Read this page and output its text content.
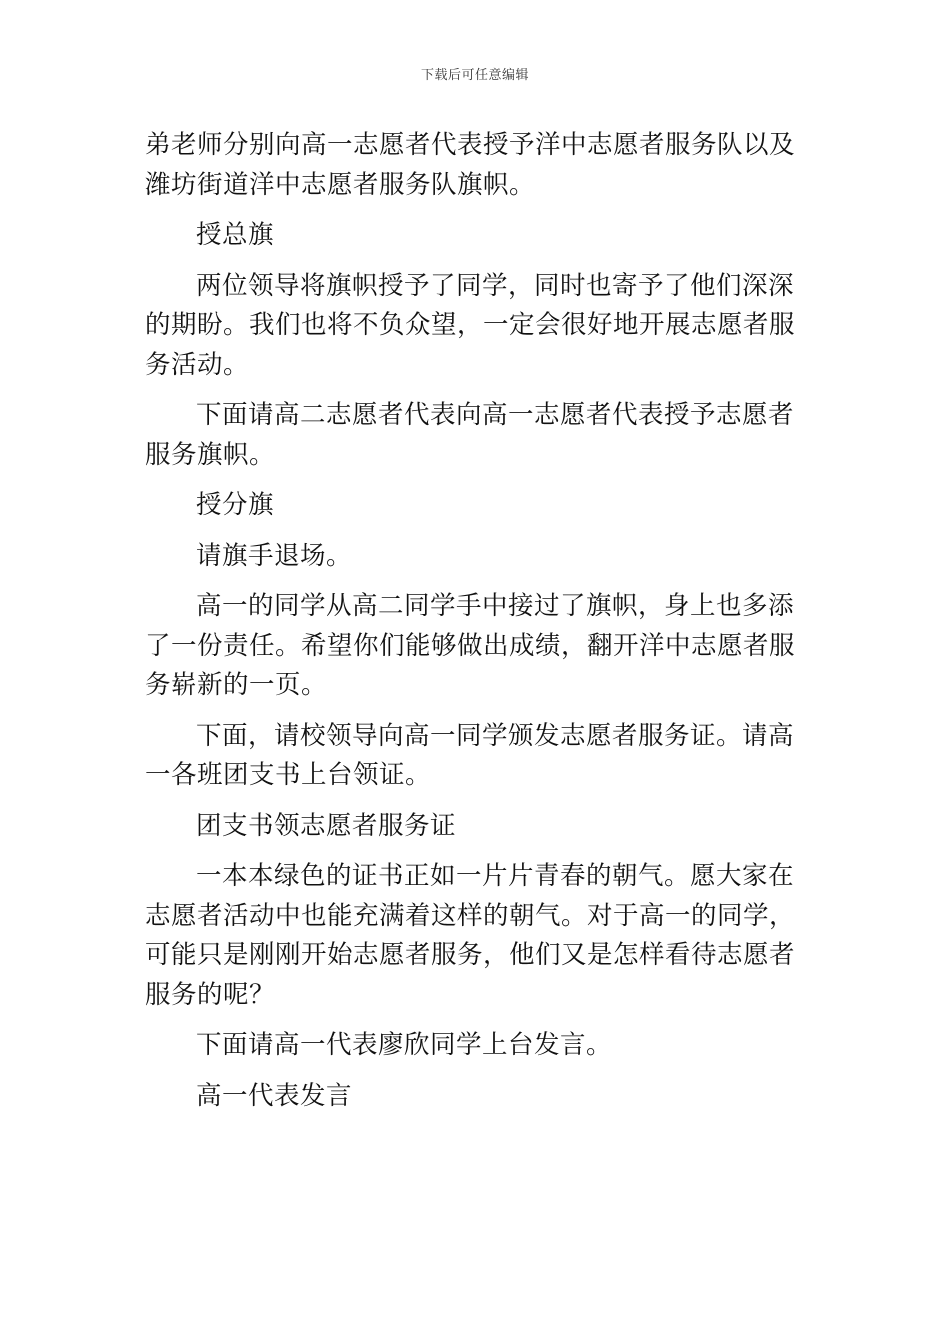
下载后可任意编辑

弟老师分别向高一志愿者代表授予洋中志愿者服务队以及潍坊街道洋中志愿者服务队旗帜。

授总旗

两位领导将旗帜授予了同学，同时也寄予了他们深深的期盼。我们也将不负众望，一定会很好地开展志愿者服务活动。

下面请高二志愿者代表向高一志愿者代表授予志愿者服务旗帜。

授分旗

请旗手退场。

高一的同学从高二同学手中接过了旗帜，身上也多添了一份责任。希望你们能够做出成绩，翻开洋中志愿者服务崭新的一页。

下面，请校领导向高一同学颁发志愿者服务证。请高一各班团支书上台领证。

团支书领志愿者服务证

一本本绿色的证书正如一片片青春的朝气。愿大家在志愿者活动中也能充满着这样的朝气。对于高一的同学，可能只是刚刚开始志愿者服务，他们又是怎样看待志愿者服务的呢？

下面请高一代表廖欣同学上台发言。

高一代表发言
